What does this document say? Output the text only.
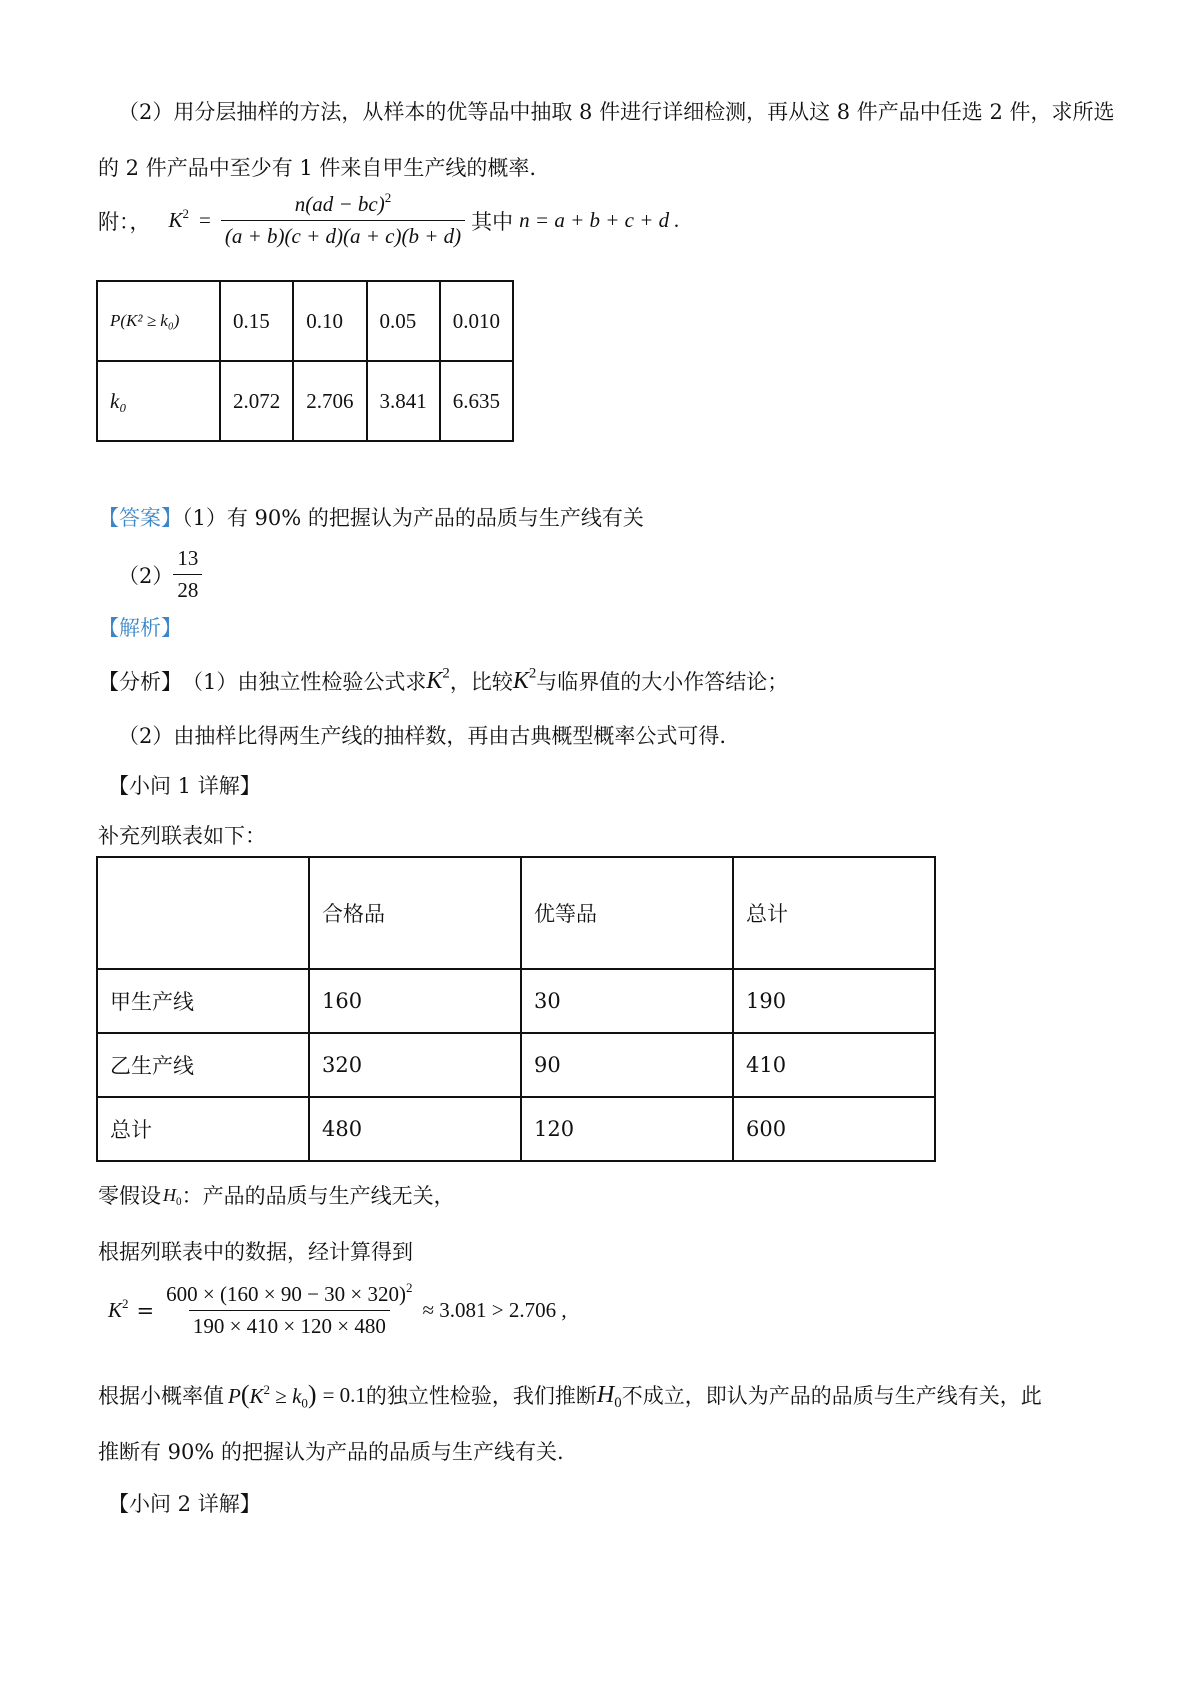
（2）用分层抽样的方法，从样本的优等品中抽取 8 件进行详细检测，再从这 8 件产品中任选 2 件，求所选
的 2 件产品中至少有 1 件来自甲生产线的概率.
附：， $K^2 = \frac{n(ad - bc)^2}{(a + b)(c + d)(a + c)(b + d)}$ 其中 n = a + b + c + d .
P(K² ≥ k₀)	0.15	0.10	0.05	0.010
k₀	2.072	2.706	3.841	6.635
【答案】（1）有 90% 的把握认为产品的品质与生产线有关
$(2) \frac{13}{28}$
【解析】
【分析】 （1）由独立性检验公式求 $K^2$ ，比较 $K^2$ 与临界值的大小作答结论；
（2）由抽样比得两生产线的抽样数，再由古典概型概率公式可得.
【小问 1 详解】
补充列联表如下：
	合格品	优等品	总计
甲生产线	160	30	190
乙生产线	320	90	410
总计	480	120	600
零假设 $H_0$ ：产品的品质与生产线无关，
根据列联表中的数据，经计算得到
$K^2 = \frac{600 \times (160 \times 90 - 30 \times 320)^2}{190 \times 410 \times 120 \times 480} \approx 3.081 > 2.706$ ,
根据小概率值 $P(K^2 \ge k_0) = 0.1$ 的独立性检验，我们推断 $H_0$ 不成立，即认为产品的品质与生产线有关，此
推断有 90% 的把握认为产品的品质与生产线有关.
【小问 2 详解】
